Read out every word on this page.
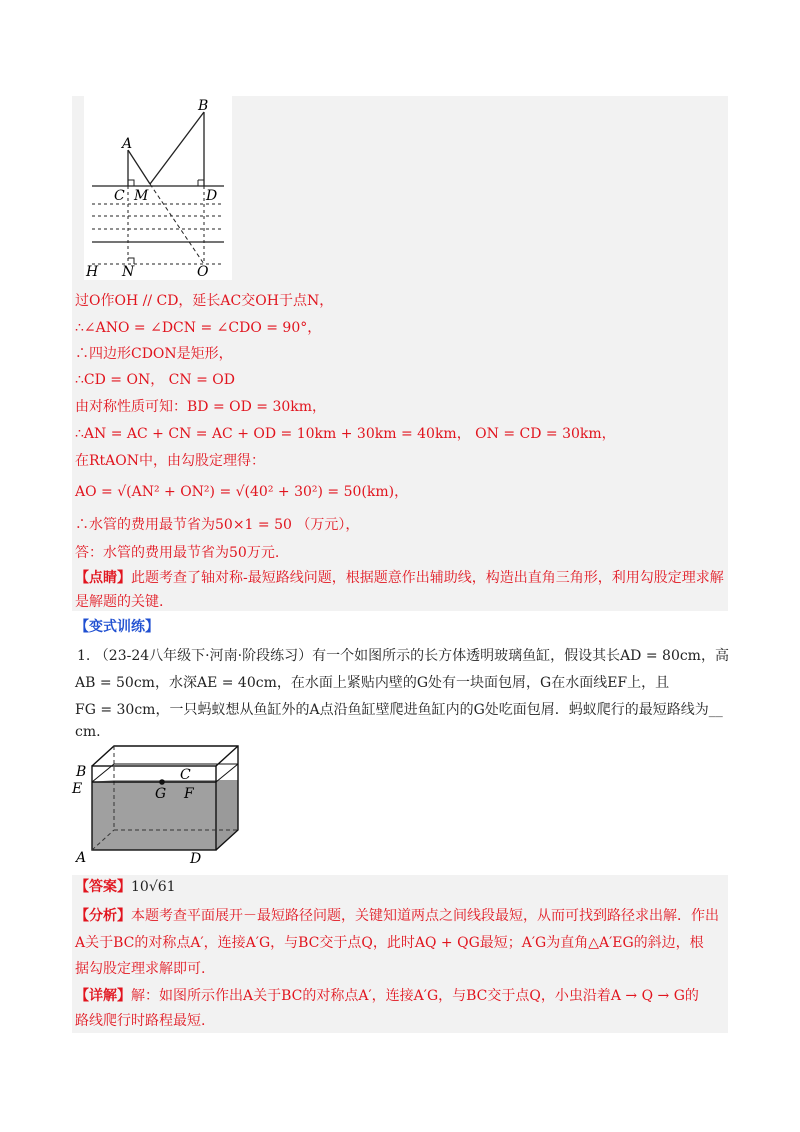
A
B
C M	D
H N	O
过O作OH // CD，延长AC交OH于点N，
∴∠ANO = ∠DCN = ∠CDO = 90°，
∴四边形CDON是矩形，
∴CD = ON， CN = OD
由对称性质可知：BD = OD = 30km，
∴AN = AC + CN = AC + OD = 10km + 30km = 40km， ON = CD = 30km，
在RtAON中，由勾股定理得：
AO = √(AN² + ON²) = √(40² + 30²) = 50(km)，
∴水管的费用最节省为50×1 = 50 （万元），
答：水管的费用最节省为50万元.
【点睛】此题考查了轴对称-最短路线问题，根据题意作出辅助线，构造出直角三角形，利用勾股定理求解
是解题的关键.
【变式训练】
1. （23-24八年级下·河南·阶段练习）有一个如图所示的长方体透明玻璃鱼缸，假设其长AD = 80cm，高
AB = 50cm，水深AE = 40cm，在水面上紧贴内壁的G处有一块面包屑，G在水面线EF上，且
FG = 30cm，一只蚂蚁想从鱼缸外的A点沿鱼缸壁爬进鱼缸内的G处吃面包屑．蚂蚁爬行的最短路线为__
cm.
B	C
E	G F
A	D
【答案】10√61
【分析】本题考查平面展开－最短路径问题，关键知道两点之间线段最短，从而可找到路径求出解．作出
A关于BC的对称点A′，连接A′G，与BC交于点Q，此时AQ + QG最短；A′G为直角△A′EG的斜边，根
据勾股定理求解即可.
【详解】解：如图所示作出A关于BC的对称点A′，连接A′G，与BC交于点Q，小虫沿着A → Q → G的
路线爬行时路程最短.
